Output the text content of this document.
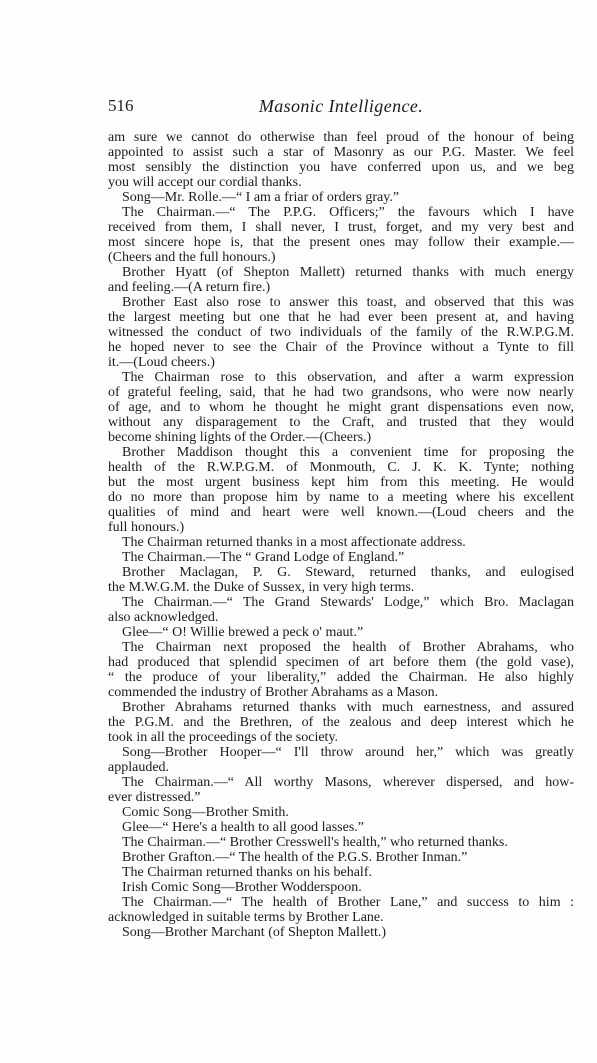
516	Masonic Intelligence.
am sure we cannot do otherwise than feel proud of the honour of being
appointed to assist such a star of Masonry as our P.G. Master. We feel
most sensibly the distinction you have conferred upon us, and we beg
you will accept our cordial thanks.
Song—Mr. Rolle.—“ I am a friar of orders gray.”
The Chairman.—“ The P.P.G. Officers;” the favours which I have
received from them, I shall never, I trust, forget, and my very best and
most sincere hope is, that the present ones may follow their example.—
(Cheers and the full honours.)
Brother Hyatt (of Shepton Mallett) returned thanks with much energy
and feeling.—(A return fire.)
Brother East also rose to answer this toast, and observed that this was
the largest meeting but one that he had ever been present at, and having
witnessed the conduct of two individuals of the family of the R.W.P.G.M.
he hoped never to see the Chair of the Province without a Tynte to fill
it.—(Loud cheers.)
The Chairman rose to this observation, and after a warm expression
of grateful feeling, said, that he had two grandsons, who were now nearly
of age, and to whom he thought he might grant dispensations even now,
without any disparagement to the Craft, and trusted that they would
become shining lights of the Order.—(Cheers.)
Brother Maddison thought this a convenient time for proposing the
health of the R.W.P.G.M. of Monmouth, C. J. K. K. Tynte; nothing
but the most urgent business kept him from this meeting. He would
do no more than propose him by name to a meeting where his excellent
qualities of mind and heart were well known.—(Loud cheers and the
full honours.)
The Chairman returned thanks in a most affectionate address.
The Chairman.—The “ Grand Lodge of England.”
Brother Maclagan, P. G. Steward, returned thanks, and eulogised
the M.W.G.M. the Duke of Sussex, in very high terms.
The Chairman.—“ The Grand Stewards' Lodge,” which Bro. Maclagan
also acknowledged.
Glee—“ O! Willie brewed a peck o' maut.”
The Chairman next proposed the health of Brother Abrahams, who
had produced that splendid specimen of art before them (the gold vase),
“ the produce of your liberality,” added the Chairman. He also highly
commended the industry of Brother Abrahams as a Mason.
Brother Abrahams returned thanks with much earnestness, and assured
the P.G.M. and the Brethren, of the zealous and deep interest which he
took in all the proceedings of the society.
Song—Brother Hooper—“ I'll throw around her,” which was greatly
applauded.
The Chairman.—“ All worthy Masons, wherever dispersed, and how-
ever distressed.”
Comic Song—Brother Smith.
Glee—“ Here's a health to all good lasses.”
The Chairman.—“ Brother Cresswell's health,” who returned thanks.
Brother Grafton.—“ The health of the P.G.S. Brother Inman.”
The Chairman returned thanks on his behalf.
Irish Comic Song—Brother Wodderspoon.
The Chairman.—“ The health of Brother Lane,” and success to him :
acknowledged in suitable terms by Brother Lane.
Song—Brother Marchant (of Shepton Mallett.)
